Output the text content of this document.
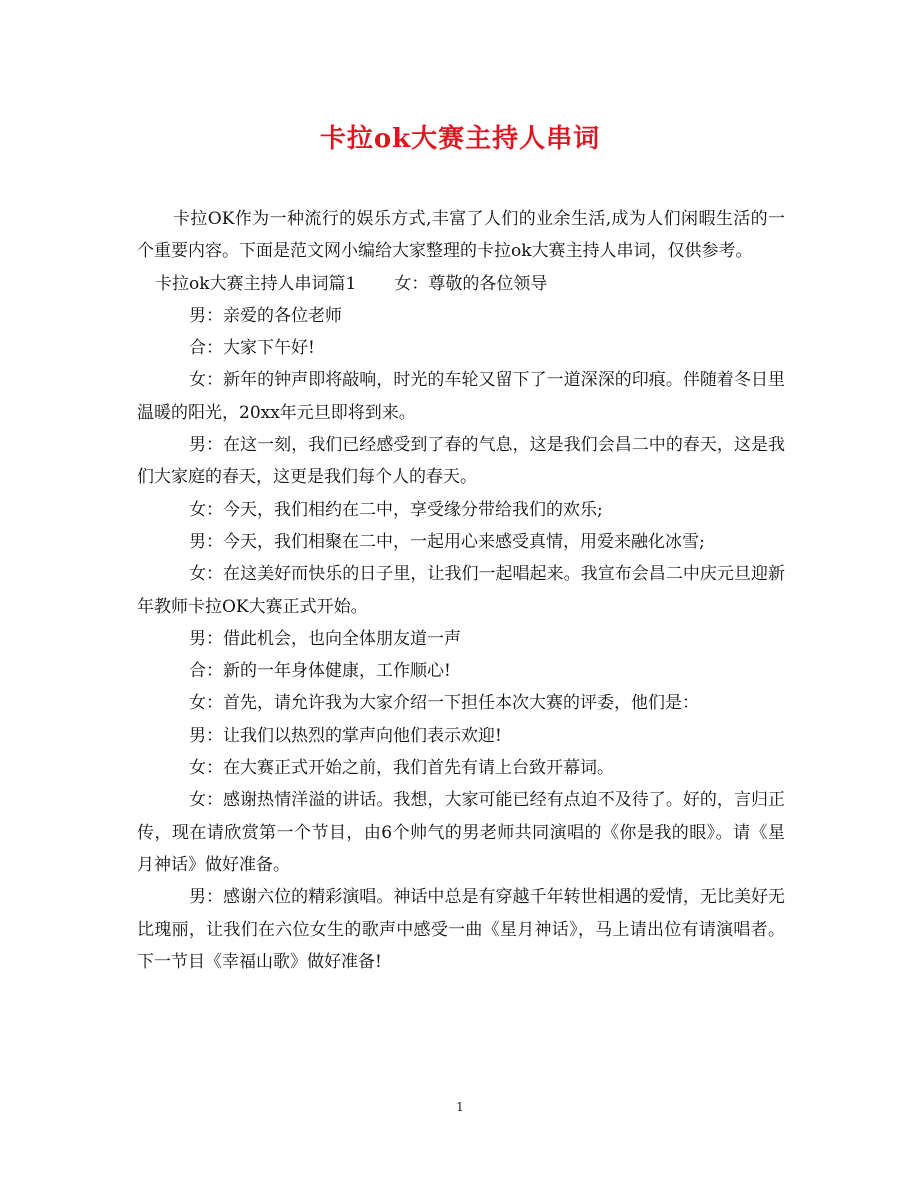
卡拉ok大赛主持人串词

卡拉OK作为一种流行的娱乐方式,丰富了人们的业余生活,成为人们闲暇生活的一个重要内容。下面是范文网小编给大家整理的卡拉ok大赛主持人串词，仅供参考。

卡拉ok大赛主持人串词篇1 女：尊敬的各位领导

男：亲爱的各位老师

合：大家下午好!

女：新年的钟声即将敲响，时光的车轮又留下了一道深深的印痕。伴随着冬日里温暖的阳光，20xx年元旦即将到来。

男：在这一刻，我们已经感受到了春的气息，这是我们会昌二中的春天，这是我们大家庭的春天，这更是我们每个人的春天。

女：今天，我们相约在二中，享受缘分带给我们的欢乐;

男：今天，我们相聚在二中，一起用心来感受真情，用爱来融化冰雪;

女：在这美好而快乐的日子里，让我们一起唱起来。我宣布会昌二中庆元旦迎新年教师卡拉OK大赛正式开始。

男：借此机会，也向全体朋友道一声

合：新的一年身体健康，工作顺心!

女：首先，请允许我为大家介绍一下担任本次大赛的评委，他们是：

男：让我们以热烈的掌声向他们表示欢迎!

女：在大赛正式开始之前，我们首先有请上台致开幕词。

女：感谢热情洋溢的讲话。我想，大家可能已经有点迫不及待了。好的，言归正传，现在请欣赏第一个节目，由6个帅气的男老师共同演唱的《你是我的眼》。请《星月神话》做好准备。

男：感谢六位的精彩演唱。神话中总是有穿越千年转世相遇的爱情，无比美好无比瑰丽，让我们在六位女生的歌声中感受一曲《星月神话》，马上请出位有请演唱者。下一节目《幸福山歌》做好准备!

1
